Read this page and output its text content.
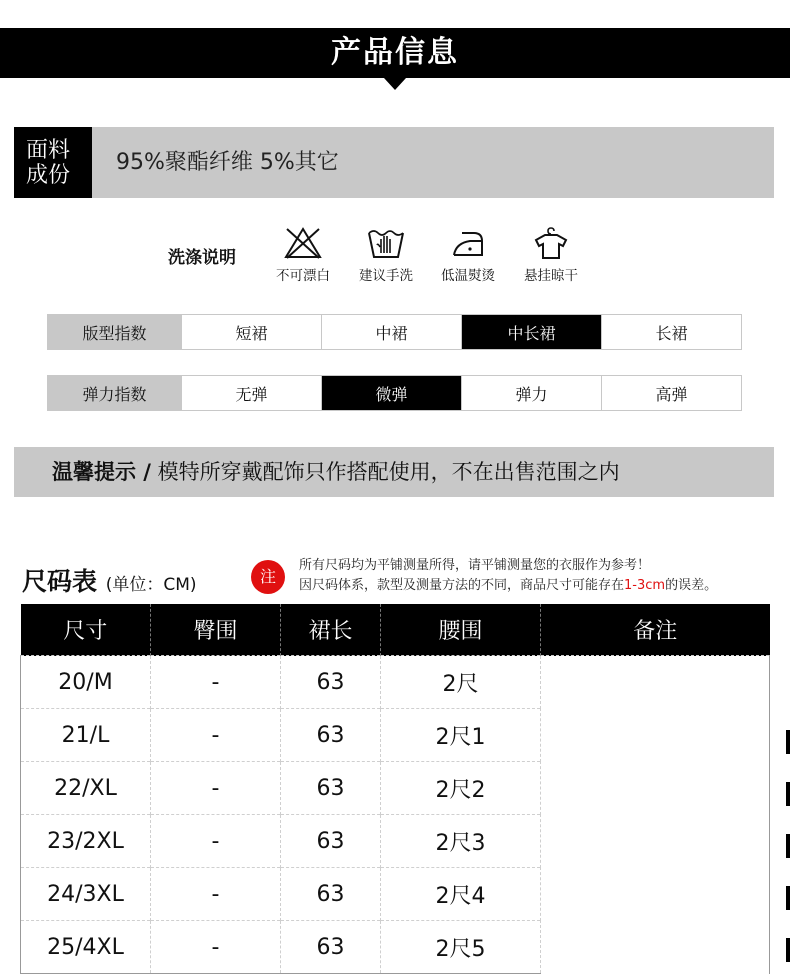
产品信息
面料
成份	95%聚酯纤维 5%其它
洗涤说明
不可漂白	建议手洗	低温熨烫	悬挂晾干
版型指数	短裙	中裙	中长裙	长裙
弹力指数	无弹	微弹	弹力	高弹
温馨提示 / 模特所穿戴配饰只作搭配使用，不在出售范围之内
尺码表 (单位：CM)	注
所有尺码均为平铺测量所得，请平铺测量您的衣服作为参考！
因尺码体系，款型及测量方法的不同，商品尺寸可能存在1-3cm的误差。
尺寸	臀围	裙长	腰围	备注
20/M	-	63	2尺	
21/L	-	63	2尺1	
22/XL	-	63	2尺2	
23/2XL	-	63	2尺3	
24/3XL	-	63	2尺4	
25/4XL	-	63	2尺5	
